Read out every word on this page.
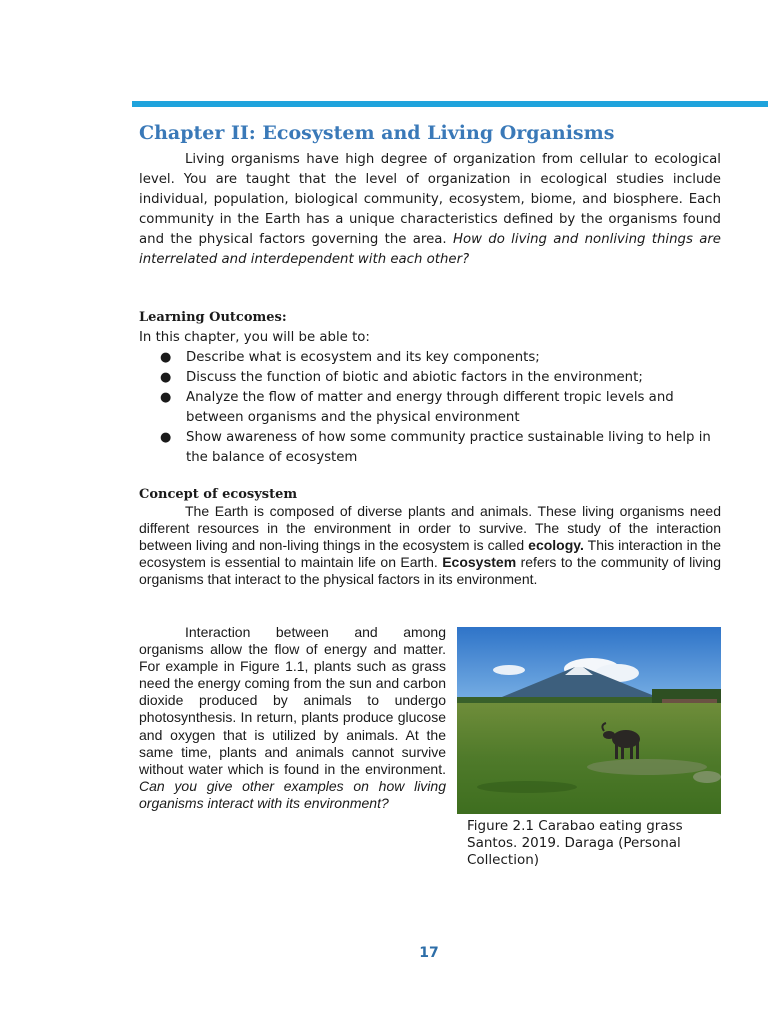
Chapter II: Ecosystem and Living Organisms

Living organisms have high degree of organization from cellular to ecological level. You are taught that the level of organization in ecological studies include individual, population, biological community, ecosystem, biome, and biosphere. Each community in the Earth has a unique characteristics defined by the organisms found and the physical factors governing the area. How do living and nonliving things are interrelated and interdependent with each other?

Learning Outcomes:
In this chapter, you will be able to:
● Describe what is ecosystem and its key components;
● Discuss the function of biotic and abiotic factors in the environment;
● Analyze the flow of matter and energy through different tropic levels and between organisms and the physical environment
● Show awareness of how some community practice sustainable living to help in the balance of ecosystem
Concept of ecosystem

The Earth is composed of diverse plants and animals. These living organisms need different resources in the environment in order to survive. The study of the interaction between living and non-living things in the ecosystem is called ecology. This interaction in the ecosystem is essential to maintain life on Earth. Ecosystem refers to the community of living organisms that interact to the physical factors in its environment.

Interaction between and among organisms allow the flow of energy and matter. For example in Figure 1.1, plants such as grass need the energy coming from the sun and carbon dioxide produced by animals to undergo photosynthesis. In return, plants produce glucose and oxygen that is utilized by animals. At the same time, plants and animals cannot survive without water which is found in the environment. Can you give other examples on how living organisms interact with its environment?

Figure 2.1 Carabao eating grass

Santos. 2019. Daraga (Personal Collection)

17
